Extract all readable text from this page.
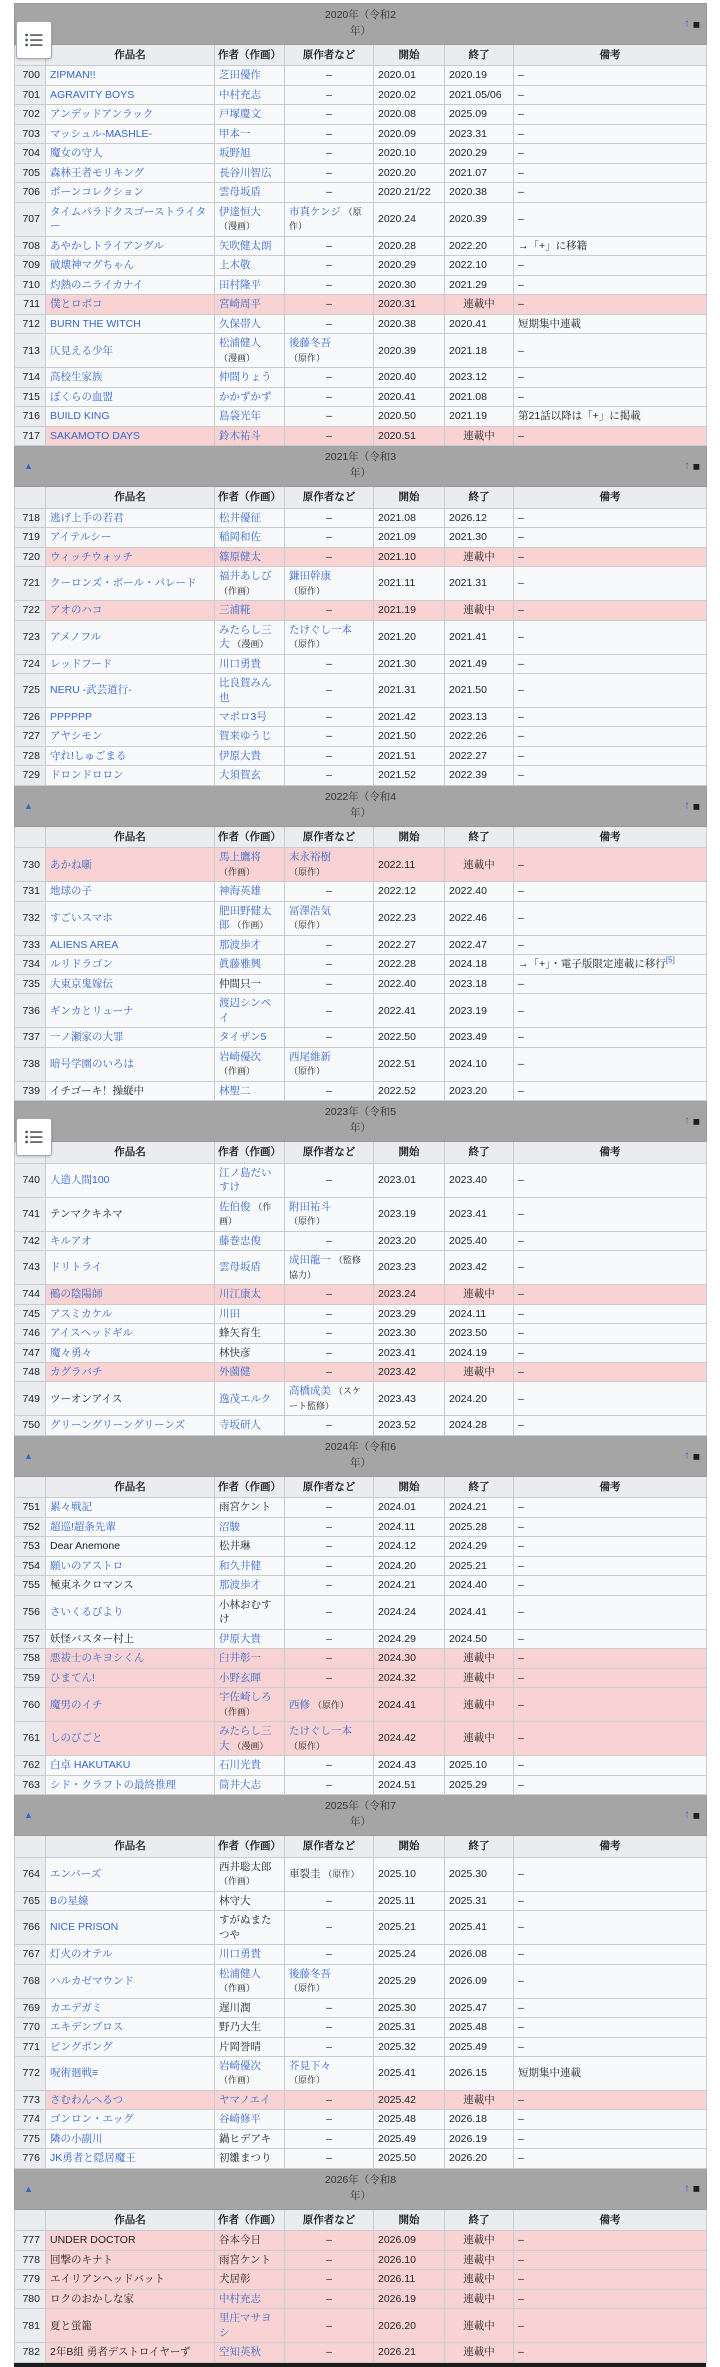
2020年（令和2年）
↑ ■						

	作品名	作者（作画）	原作者など	開始	終了	備考
700	ZIPMAN!!	芝田優作	–	2020.01	2020.19	–
701	AGRAVITY BOYS	中村充志	–	2020.02	2021.05/06	–
702	アンデッドアンラック	戸塚慶文	–	2020.08	2025.09	–
703	マッシュル-MASHLE-	甲本一	–	2020.09	2023.31	–
704	魔女の守人	坂野旭	–	2020.10	2020.29	–
705	森林王者モリキング	長谷川智広	–	2020.20	2021.07	–
706	ボーンコレクション	雲母坂盾	–	2020.21/22	2020.38	–
707	タイムパラドクスゴーストライター	伊達恒大 （漫画）	市真ケンジ （原作）	2020.24	2020.39	–
708	あやかしトライアングル	矢吹健太朗	–	2020.28	2022.20	→「+」に移籍
709	破壊神マグちゃん	上木敬	–	2020.29	2022.10	–
710	灼熱のニライカナイ	田村隆平	–	2020.30	2021.29	–
711	僕とロボコ	宮崎周平	–	2020.31	連載中	–
712	BURN THE WITCH	久保帯人	–	2020.38	2020.41	短期集中連載
713	仄見える少年	松浦健人 （漫画）	後藤冬吾 （原作）	2020.39	2021.18	–
714	高校生家族	仲間りょう	–	2020.40	2023.12	–
715	ぼくらの血盟	かかずかず	–	2020.41	2021.08	–
716	BUILD KING	島袋光年	–	2020.50	2021.19	第21話以降は「+」に掲載
717	SAKAMOTO DAYS	鈴木祐斗	–	2020.51	連載中	–

▲
2021年（令和3年）
↑ ■						

	作品名	作者（作画）	原作者など	開始	終了	備考
718	逃げ上手の若君	松井優征	–	2021.08	2026.12	–
719	アイテルシー	稲岡和佐	–	2021.09	2021.30	–
720	ウィッチウォッチ	篠原健太	–	2021.10	連載中	–
721	クーロンズ・ボール・パレード	福井あしび （作画）	鎌田幹康 （原作）	2021.11	2021.31	–
722	アオのハコ	三浦糀	–	2021.19	連載中	–
723	アメノフル	みたらし三大 （漫画）	たけぐし一本 （原作）	2021.20	2021.41	–
724	レッドフード	川口勇貴	–	2021.30	2021.49	–
725	NERU -武芸道行-	比良賀みん也	–	2021.31	2021.50	–
726	PPPPPP	マポロ3号	–	2021.42	2023.13	–
727	アヤシモン	賀来ゆうじ	–	2021.50	2022.26	–
728	守れ!しゅごまる	伊原大貴	–	2021.51	2022.27	–
729	ドロンドロロン	大須賀玄	–	2021.52	2022.39	–

▲
2022年（令和4年）
↑ ■						

	作品名	作者（作画）	原作者など	開始	終了	備考
730	あかね噺	馬上鷹将 （作画）	末永裕樹 （原作）	2022.11	連載中	–
731	地球の子	神海英雄	–	2022.12	2022.40	–
732	すごいスマホ	肥田野健太郎 （作画）	冨澤浩気 （原作）	2022.23	2022.46	–
733	ALIENS AREA	那波歩才	–	2022.27	2022.47	–
734	ルリドラゴン	眞藤雅興	–	2022.28	2024.18	→「+」・電子版限定連載に移行[5]
735	大東京鬼嫁伝	仲間只一	–	2022.40	2023.18	–
736	ギンカとリューナ	渡辺シンペイ	–	2022.41	2023.19	–
737	一ノ瀬家の大罪	タイザン5	–	2022.50	2023.49	–
738	暗号学園のいろは	岩崎優次 （作画）	西尾維新 （原作）	2022.51	2024.10	–
739	イチゴーキ！操縦中	林聖二	–	2022.52	2023.20	–
2023年（令和5年）
↑ ■						

	作品名	作者（作画）	原作者など	開始	終了	備考
740	人造人間100	江ノ島だいすけ	–	2023.01	2023.40	–
741	テンマクキネマ	佐伯俊 （作画）	附田祐斗 （原作）	2023.19	2023.41	–
742	キルアオ	藤巻忠俊	–	2023.20	2025.40	–
743	ドリトライ	雲母坂盾	成田龍一 （監修協力）	2023.23	2023.42	–
744	鵺の陰陽師	川江康太	–	2023.24	連載中	–
745	アスミカケル	川田	–	2023.29	2024.11	–
746	アイスヘッドギル	蜂矢育生	–	2023.30	2023.50	–
747	魔々勇々	林快彦	–	2023.41	2024.19	–
748	カグラバチ	外薗健	–	2023.42	連載中	–
749	ツーオンアイス	逸茂エルク	高橋成美 （スケート監修）	2023.43	2024.20	–
750	グリーングリーングリーンズ	寺坂研人	–	2023.52	2024.28	–

▲
2024年（令和6年）
↑ ■						

	作品名	作者（作画）	原作者など	開始	終了	備考
751	累々戦記	雨宮ケント	–	2024.01	2024.21	–
752	超巡!超条先輩	沼駿	–	2024.11	2025.28	–
753	Dear Anemone	松井琳	–	2024.12	2024.29	–
754	願いのアストロ	和久井健	–	2024.20	2025.21	–
755	極東ネクロマンス	那波歩才	–	2024.21	2024.40	–
756	さいくるびより	小林おむすけ	–	2024.24	2024.41	–
757	妖怪バスター村上	伊原大貴	–	2024.29	2024.50	–
758	悪祓士のキヨシくん	臼井彰一	–	2024.30	連載中	–
759	ひまてん!	小野玄暉	–	2024.32	連載中	–
760	魔男のイチ	宇佐崎しろ （作画）	西修 （原作）	2024.41	連載中	–
761	しのびごと	みたらし三大 （漫画）	たけぐし一本 （原作）	2024.42	連載中	–
762	白卓 HAKUTAKU	石川光貴	–	2024.43	2025.10	–
763	シド・クラフトの最終推理	筒井大志	–	2024.51	2025.29	–

▲
2025年（令和7年）
↑ ■						

	作品名	作者（作画）	原作者など	開始	終了	備考
764	エンバーズ	西井聡太郎 （作画）	車裂圭 （原作）	2025.10	2025.30	–
765	Bの星線	林守大	–	2025.11	2025.31	–
766	NICE PRISON	すがぬまたつや	–	2025.21	2025.41	–
767	灯火のオテル	川口勇貴	–	2025.24	2026.08	–
768	ハルカゼマウンド	松浦健人 （作画）	後藤冬吾 （原作）	2025.29	2026.09	–
769	カエデガミ	遅川潤	–	2025.30	2025.47	–
770	エキデンブロス	野乃大生	–	2025.31	2025.48	–
771	ピングポング	片岡誉晴	–	2025.32	2025.49	–
772	呪術廻戦≡	岩崎優次 （作画）	芥見下々 （原作）	2025.41	2026.15	短期集中連載
773	さむわんへるつ	ヤマノエイ	–	2025.42	連載中	–
774	ゴンロン・エッグ	谷崎修平	–	2025.48	2026.18	–
775	隣の小副川	鍋ヒデアキ	–	2025.49	2026.19	–
776	JK勇者と隠居魔王	初雛まつり	–	2025.50	2026.20	–

▲
2026年（令和8年）
↑ ■						

	作品名	作者（作画）	原作者など	開始	終了	備考
777	UNDER DOCTOR	谷本今日	–	2026.09	連載中	–
778	回撃のキナト	雨宮ケント	–	2026.10	連載中	–
779	エイリアンヘッドバット	犬居彰	–	2026.11	連載中	–
780	ロクのおかしな家	中村充志	–	2026.19	連載中	–
781	夏と蛍籠	里庄マサヨシ	–	2026.20	連載中	–
782	2年B組 勇者デストロイヤーず	空知英秋	–	2026.21	連載中	–
